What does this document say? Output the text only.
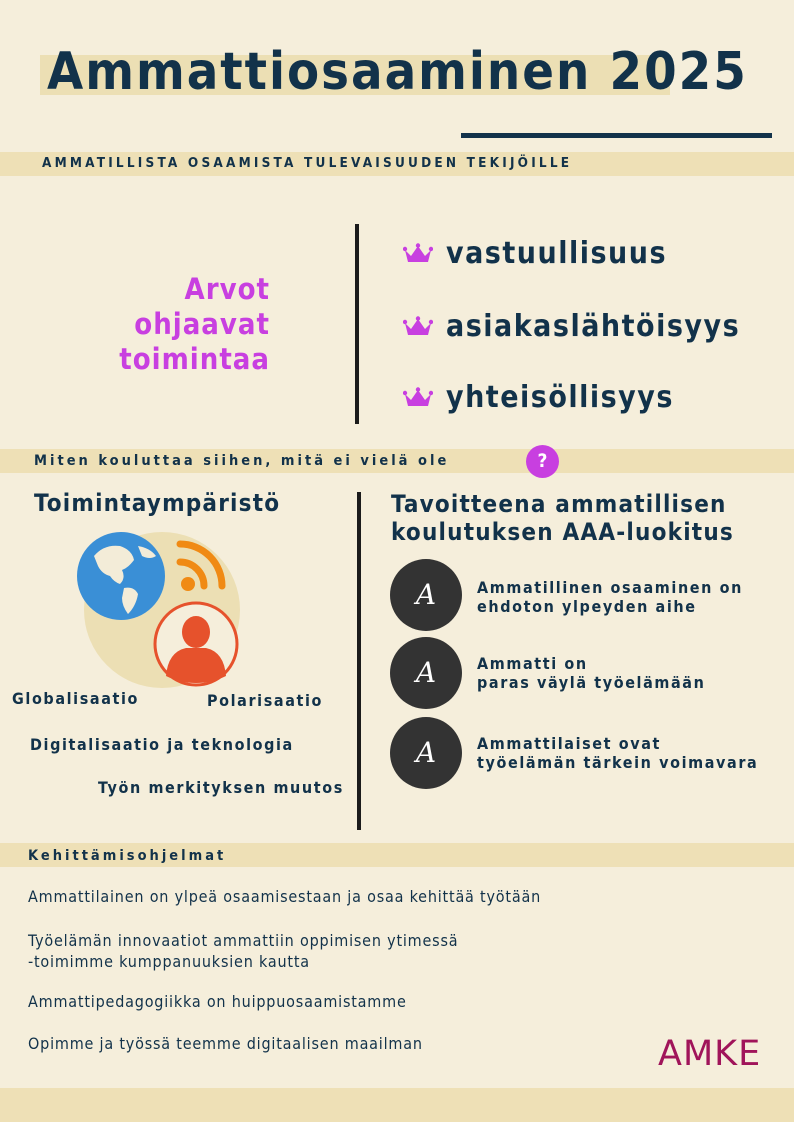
Ammattiosaaminen 2025
AMMATILLISTA OSAAMISTA TULEVAISUUDEN TEKIJÖILLE
Arvot
ohjaavat
toimintaa
vastuullisuus
asiakaslähtöisyys
yhteisöllisyys
Miten kouluttaa siihen, mitä ei vielä ole	?
Toimintaympäristö
Globalisaatio	Polarisaatio
Digitalisaatio ja teknologia
Työn merkityksen muutos
Tavoitteena ammatillisen
koulutuksen AAA-luokitus
A	Ammatillinen osaaminen on
ehdoton ylpeyden aihe
A	Ammatti on
paras väylä työelämään
A	Ammattilaiset ovat
työelämän tärkein voimavara
Kehittämisohjelmat
Ammattilainen on ylpeä osaamisestaan ja osaa kehittää työtään
Työelämän innovaatiot ammattiin oppimisen ytimessä
-toimimme kumppanuuksien kautta
Ammattipedagogiikka on huippuosaamistamme
Opimme ja työssä teemme digitaalisen maailman	AMKE
